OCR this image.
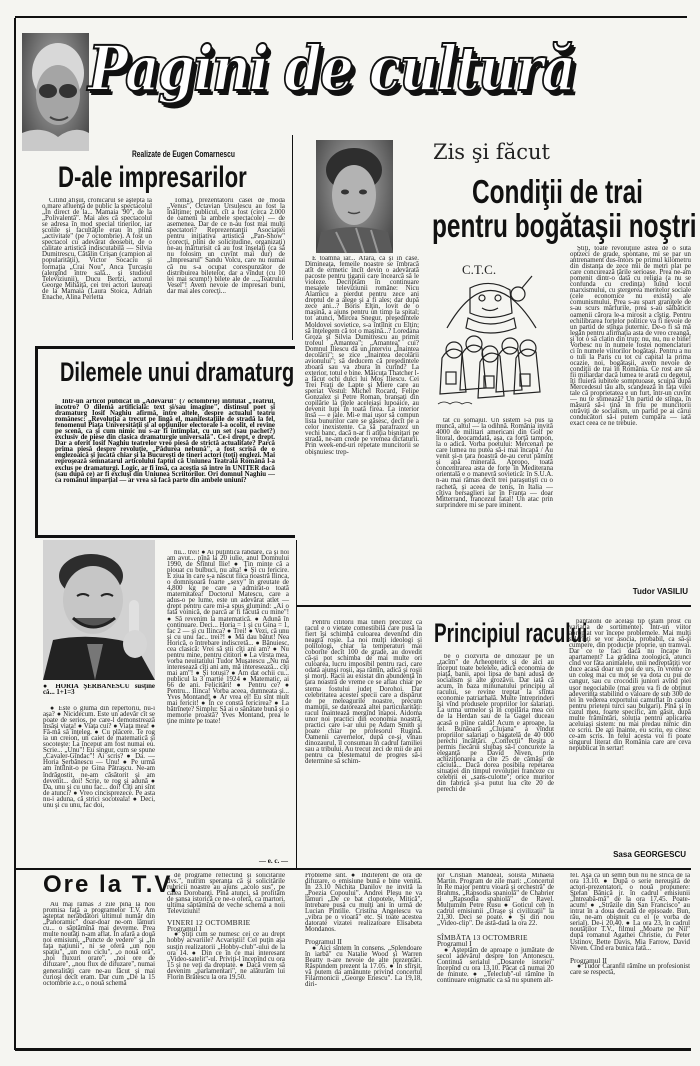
Pagini de cultură
Realizate de Eugen Comarnescu
D-ale impresarilor

Citind afişul, cronicarul se aştepta la o mare afluenţă de public la spectacolul „În direct de la... Mamaia '90", de la „Polivalentă". Mai ales că spectacolul se adresa în mod special tinerilor, iar şcolile şi facultăţile erau în plină „activitate" (pe 7 octombrie). A fost un spectacol cu adevărat deosebit, de o calitate artistică indiscutabilă — Silvia Dumitrescu, Cătălin Crişan (campion al popularităţii), Victor Socaciu şi formaţia „Crai Nou", Anca Ţurcaşiu (alergînd între sală... şi studioul Televiziunii), Ducu Bertzi, actorul George Mihăiţă, cei trei actori laureaţi de la Mamaia (Laura Stoica, Adrian Enache, Alina Perletta

Toma), prezentatorii casei de modă „Venus", Octavian Ursulescu au fost la înălţime; publicul, cît a fost (circa 2.000 de oameni la ambele spectacole) — de asemenea. Dar de ce n-au fost mai mulţi spectatori? Reprezentanţii Asociaţiei pentru iniţiativa artistică „Pan-Show" (corecţi, plini de solicitudine, organizaţi) ne-au mărturisit că au fost înşelaţi (ca să nu folosim un cuvînt mai dur) de „Impresarul" Sandu Volcu, care nu numai că nu s-a ocupat corespunzător de distribuirea biletelor, dar a vîndut (cu 10 lei mai scump!) bilete ale de ...„Teatrului Vesel"! Avem nevoie de impresari buni, dar mai ales corecţi...

Dilemele unui dramaturg

Într-un articol publicat în „Adevărul" (7 octombrie) intitulat „Teatrul, încotro? O dilemă artificială: text şi/sau imagine", distinsul poet şi dramaturg Iosif Naghiu afirmă, între altele, despre actualul teatru românesc: „Revoluţia a trecut pe lîngă el, manifestaţiile de stradă la fel, fenomenul Piaţa Universităţii şi al opţiunilor electorale l-a ocolit, el revine pe scenă, ca şi cum nimic nu s-ar fi întîmplat, cu un set (sau pachet?) exclusiv de piese din clasica dramaturgie universală". Ce-i drept, e drept. Dar a oferit Iosif Naghiu teatrelor vreo piesă de strictă actualitate? Parcă prima piesă despre revoluţie, „Pădurea nebună", a fost scrisă de o englezoaică şi jucată chiar şi la Bucureşti de tineri actori (toţi) englezi. Mai reproşează semnatarul articolului faptul că Uniunea Teatrală Română l-a exclus pe dramaturgi. Logic, ar fi însă, ca aceştia să intre în UNITER dacă (sau după ce) ar fi excluşi din Uniunea Scriitorilor. Ori domnul Naghiu — ca românul imparţial — ar vrea să facă parte din ambele uniuni?

Zis şi făcut
Condiţii de trai
pentru bogătaşii noştri
C.T.C.

E toamnă iar... Afară, ca şi în case. Dimineaţa, femeile noastre se îmbracă atît de ermetic încît devin o adevărată pacoste pentru ţiganii care încearcă să le violeze. Decriptăm în continuare mesajele televiziunii române: Nicu Alamicu a pierdut pentru zece ani dreptul de a alege şi a fi ales; dar după zece ani...? Boris Elţin, lovit de o maşină, a ajuns pentru un timp la spital; tot atunci, Mircea Snegur, preşedintele Moldovei sovietice, s-a întîlnit cu Elţin; să înţelegem că tot o maşină...? Loredana Groza şi Silvia Dumitrescu au primit trofeul „Amantea"; „Amantea" cui? Domnul Iliescu dă un interviu „Înaintea decolării"; se zice „Înaintea decolării avionului"; să deducem că preşedintele zboară sau va zbura în curînd? La exterior, totul e bine. Măicuţa Thatcher l-a făcut ochi dulci lui Moş Iliescu. Cei Trei Fraţi de Lapte şi Miere care au speriat Vestul: Michel Rocard, Felipe Gonzalez şi Petre Roman, branşaţi din copilărie la ţîţele aceleiaşi lupoaice, au devenit lupi în toată firea. La interior însă — e jale. Mi-e mai uşor să compun lista bunurilor care se găsesc, decît pe a celor inexistente. Ca să parafrazez un vechi banc, dacă n-ar fi atîţia bişniţari pe stradă, ne-am crede pe vremea dictaturii. Prin week-end-uri repetate muncitorii se obişnuiesc trep-

tat cu şomajul. Un sistem i-a pus la muncă, altul — la odihnă. România invită 4000 de militari americani din Golf pe litoral, deocamdată, aşa, ca forţă tampon, la o adică. Vorba poetului: Mercenari pe care lumea nu putea să-i mai încapă / Au venit şi-n ţara noastră de-au cerut pămînt şi apă minerală. Apropo, toată concentrarea asta de forţe în Mediterana orientală e o manevră sovietică: în S.U.A. n-au mai rămas decît trei paraşutişti cu o rachetă, şi aceea de tenis, în Italia — cîţiva bersaglieri iar în Franţa — doar Mitterrand, francezul fatal! Un atac prin surprindere mi se pare iminent.

Ştiţi, toate revoluţiile astea de o sută optzeci de grade, spontane, mi se par un antrenament dus-întors pe primul kilometru din distanţa de zece mii de metri plat pe care concurează ţările serioase. Prea ne-am pomenit dintr-o dată cu religia (a nu se confunda cu credinţa) luînd locul marxismului, cu ştergerea meritelor sociale (cele economice nu există) ale comunismului. Prea s-au spart graniţele de s-au scurs mărfurile, prea s-au sălbăticit oamenii cărora le-a mirosit a cîştig. Pentru echilibrarea forţelor politice va fi nevoie de un partid de stînga puternic. De-o fi să mă legăn pentru afirmaţia asta de vreo creangă, şi tot o să clatin din trup: nu, nu, nu e bine! Vorbesc nu în numele fostei nomenclaturi ci în numele viitorilor bogătaşi. Pentru a nu o tuli la Paris cu tot cu capital la prima ocazie, noi, bogătaşii, avem nevoie de condiţii de trai în România. Ce rost are să fii miliardar dacă lumea te arată cu degetul, îţi fluieră iubitele somptuoase, scuipă după Mercedesul tău alb, scandează în faţa vilei tale că proprietatea e un furt, într-un cuvînt — nu te stimează? Un partid de stînga, în măsură să-i ţină în frîu pe muncitorii otrăviţi de socialism, un partid pe ai cărui conducători să-i putem cumpăra — iată exact ceea ce ne trebuie.

Tudor VASILIU

● HORIA ŞERBĂNESCU susţine că... 1+1=3

● Este o glumă din repertoriu, nu-i aşa? ● Nicidecum. Este un adevăr cît se poate de serios, pe care-l demonstrează însăşi viaţa! ● Viaţa cui? ● Viaţa mea! ● Fă-mă să înţeleg. ● Cu plăcere. Te rog ia un creion, un caiet de matematică şi socoteşte: La început am fost numai eu. Scrie... „Unu"! Eu singur, cum se spune „Cavaler-Gîndac"! Ai scris? ● Da. — Horia Şerbănescu — Unu! ● Pe urmă am întîlnit-o pe Gina Pătraşcu. Ne-am îndrăgostit, ne-am căsătorit şi am devenit... doi! Scrie, te rog şi adună ● Da, unu şi cu unu fac... doi! Cîţi ani sînt de atunci? ● Vreo cincisprezece. Pe asta nu-i aduna, că strici socoteala! ● Deci, unu şi cu unu, fac doi,

nu... trei! ● Ai puţintică răbdare, că şi noi am avut... pînă la 20 iulie, anul Domnului 1990, de Sfîntul Ilie! ● Ţin minte că a plouat cu bulbuci, nu alta! ● Şi cu fericire. E ziua în care s-a născut fiica noastră Ilinca, o domnişoară foarte „sexy" în greutate de 4,800 kg pe care a admirat-o toată maternitatea! Doctorul Matescu, care a adus-o pe lume, este un adevărat atlet — drept pentru care mi-a spus glumind: „Ai o fată voinică, de parcă ar fi făcută cu mine"! ● Să revenim la matematică. ● Adună în continuare. Deci... Horia = 1 şi cu Gina = 1, fac 2 — şi cu Ilinca? ● Trei! ● Vezi, că unu şi cu unu fac.. trei?! ● Mă dau bătut! Nea Horică, o întrebare indiscretă... ● Bănuiesc, cea clasică: Vrei să ştii cîţi ani am? ● Nu pentru mine, pentru cititori ● La vîrsta mea, vorba neuitatului Tudor Muşatescu „Nu mă interesează cîţi ani am, mă interesează... cîţi mai am"! ● Şi totuşi? ● Am dat ochii cu... publicul la 3 martie 1924 ● Matematic, ai 66 de ani. Felicitări! ● Pentru ce? ● Pentru... Ilinca! Vorba aceea, dumneata şi... Yves Montand! ● Ar vrea el! Eu sînt mult mai fericit! ● În ce constă fericirea? ● La bătrîneţe? Simplu: Să ai o sănătate bună şi o memorie proastă? Yves Montand, prea le ţine minte pe toate!

— e. c. —

Pentru cititorii mai tineri precizez că racul e o vietate comestibilă care pusă la fiert îşi schimbă culoarea devenind din neagră roşie. La noi mulţi ideologi şi politologi, chiar la temperaturi mai coborîte decît 100 de grade, au dovedit că-şi pot schimba de mai multe ori culoarea, lucru imposibil pentru raci, care odată ajunşi roşii, aşa rămîn, adică şi roşii şi morţi. Racii au existat din abundenţă în ţara noastră de vreme ce se aflau chiar pe stema fostului judeţ Dorohoi. Dar celebritatea acestei specii care a dispărut de pe meleagurile noastre, precum mamuţii, se datorează altei particularităţi: racul înaintează mergînd înapoi. Aidoma unor noi practici din economia noastră, practici care i-ar ului pe Adam Smith şi poate chiar pe profesorul Rugină. Oamenii cavernelor, după ce-şi vînau dinozaurul, îl consumau în cadrul familiei sau a tribului. Au trecut zeci de mii de ani pentru ca blestematul de progres să-i determine să schim-

Principiul racului

be o ciozvîrtă de dinozaur pe un „ţacîm" de Arheopterix şi de aici au început toate belelele, adică economia de piaţă, banii, apoi lipsa de bani adusă de socialism şi alte grozăvii. Dar iată că acum, în baza minunatului principiu al racului, se revine treptat la sfînta economie patriarhală. Multe întreprinderi îşi vînd produsele propriilor lor salariaţi. La urma urmelor şi în copilăria mea cei de la Herdan sau de la Gagel duceau acasă o pîine caldă! Acum e aproape, la fel. Bunăoară „Clujana" a vîndut propriilor salariaţi o bagatelă de 40 000 perechi încălţări. „Confecţii" Reşiţa a permis fiecărui slujbaş să-l concureze la eleganţă pe David Niven, prin achiziţionarea a cîte 25 de cămăşi de căciulă... Dacă dorea posibila repetarea situaţiei din timpul revoluţiei franceze cu celebrii ei „sans-culotte"; orice muritor din fabrică şi-a putut lua cîte 20 de perechi de

pantaloni de acelaşi tip (stăm prost cu variaţia de sortimente). Într-un viitor apropiat vor începe problemele. Mai mulţi salariaţi se vor asocia, probabil, ca să-şi cumpere, din producţie proprie, un tramvai. Dar ce te faci dacă nu încape în apartament? La grădina zoologică, atunci cînd vor făta animalele, unii nedreptăţiţi vor duce acasă doar un pui de urs, în vreme ce un coleg mai cu moţ se va dota cu pui de cangur, sau cu crocodili juniori avînd piei uşor negociabile (mai greu va fi de obţinut adeverinţa stabilind o valoare de sub 300 de lei în vederea exportului camuflat în cadou pentru prieteni turci sau bulgari). Pînă şi în cazul meu, foarte specific, am găsit, după multe frămîntări, soluţia pentru aplicarea aceluiaşi sistem: nu mai predau nimic din ce scriu. De azi înainte, eu scriu, eu citesc ce-am scris. În felul acesta voi fi poate singurul literat din România care are ceva nepublicat în sertar!

Sasa GEORGESCU
Ore la T.V.

Au mai rămas 3 zile pînă la nou promisa faţă a programelor T.V. Am aşteptat nerăbdători ultimul număr din „Panoramic" doar-doar ne-om lămuri cu... o săptămînă mai devreme. Prea multe noutăţi n-am aflat. În afară a două noi emisiuni, „Puncte de vedere" şi „În faţa naţiunii", ni se oferă „un nou spaţiu", „un nou ciclu", „o nouă oră", „noi fluxuri orare", „noi ore de difuzare", „nou flux de difuzare", numai generalităţi care ne-au făcut şi mai curioşi decît eram. Dar cum „De la 15 octombrie a.c., o nouă schemă

de programe reflectînd şi solicitările dvs.", nutrim speranţa că şi solicitările rubricii noastre au ajuns „acolo sus", pe calea Dorobanţi. Pînă atunci, să profităm de şansa istorică ce ne-o oferă, ca martori, ultima săptămînă de veche schemă a noii Televiziuni!

VINERI 12 OCTOMBRIE

Programul I

● Ştiţi cum se numesc cei ce au drept hobby acvariile? Acvariştii! Cel puţin aşa susţin realizatorii „Hobby-club"-ului de la ora 14. ● Din ce în ce mai interesant „Video-satelit"-ul. Priviţi-l începînd cu ora 15 şi ne veţi da dreptate. ● Dacă vrem să devenim „parlamentari", ne alăturăm lui Florin Brătescu la ora 19,50.

Probleme sînt. ● Indiferent de ora de difuzare, o emisiune bună e bine venită. În 23.10 Nichita Danilov ne invită la „Poezia Copoului". Andrei Pleşu ne va lămuri „De ce bat clopotele, Mitică", întrebare pusă cu mulţi ani în urmă de Lucian Pintilie. Cristina Angelescu va „vibra pe o vioară" etc. Şi toate acestea datorate vizatei realizatoare Elisabeta Mondanos.

Programul II

● Aici sîntem în consens. „Splendoare în iarbă" cu Natalie Wood şi Warren Beatty n-are nevoie de alte prezentări. Răspundem prezent la 17.05. ● În sfîrşit, vă putem da amănunte privind concertul Filarmonicii „George Enescu". La 19,18, diri-

jor Cristian Mandeal, solistă Mihaela Martin. Program de zile mari: „Concertul în Re major pentru vioară şi orchestră" de Brahms, „Rapsodia spaniolă" de Chabrier şi „Rapsodia spaniolă" de Ravel. Mulţumim Petre Rusu ● Goticul ceh în cadrul emisiunii „Oraşe şi civilizaţii" la 21,30. Deci se poate. ● Şi din nou „Video-clip". De astă-dată la ora 22.

SÎMBĂTA 13 OCTOMBRIE

Programul I

● Aşteptăm de aproape o jumătate de secol adevărul despre Ion Antonescu. Continuă serialul „Dosarele istoriei" începînd cu ora 13,10. Păcat că numai 20 de minute. ● „Teleclub"-ul rămîne în continuare enigmatic ca să nu spunem alt-

fel. Aşa că un semn bun nu ne strică de la ora 13.10. ● După o serie nereuşită de actori-prezentatori, o nouă propunere: Ştefan Bănică jr. în cadrul emisiunii „Întreabă-mă" de la ora 17,45. Poate-acum! ● „Străzile din San Francisco" au intrat în a doua decadă de episoade. Bun, rău, ne-am obişnuit cu el (e vorba de serial). De-i 20,40. ● La ora 23, în cadrul noutăţilor T.V., filmul „Moarte pe Nil" după romanul Agathei Christie, cu Peter Ustinov, Bette Davis, Mia Farrow, David Niven. Cînd era bunica fată...

Programul II

● Tudor Caranfil rămîne un profesionist care se respectă,
